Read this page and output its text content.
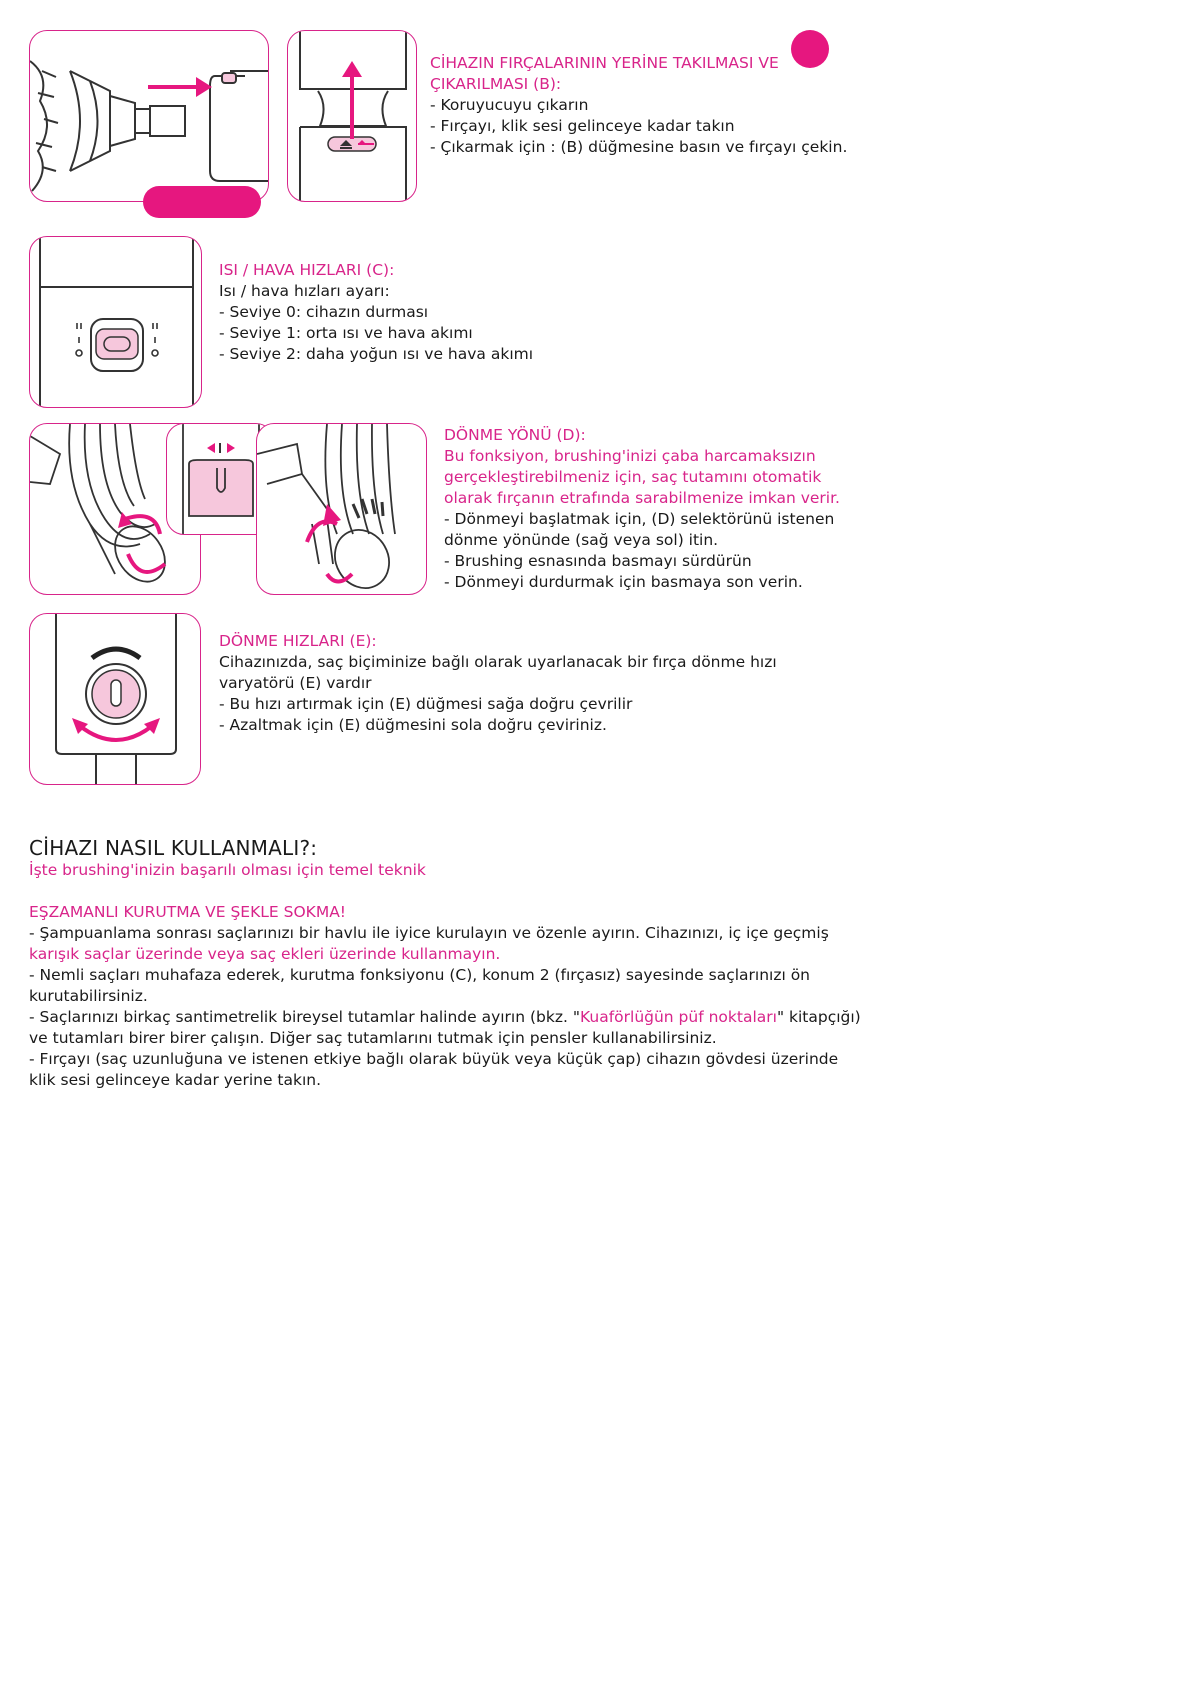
CİHAZIN FIRÇALARININ YERİNE TAKILMASI VE
ÇIKARILMASI (B):
- Koruyucuyu çıkarın
- Fırçayı, klik sesi gelinceye kadar takın
- Çıkarmak için : (B) düğmesine basın ve fırçayı çekin.
ISI / HAVA HIZLARI (C):
Isı / hava hızları ayarı:
- Seviye 0: cihazın durması
- Seviye 1: orta ısı ve hava akımı
- Seviye 2: daha yoğun ısı ve hava akımı
DÖNME YÖNÜ (D):
Bu fonksiyon, brushing'inizi çaba harcamaksızın
gerçekleştirebilmeniz için, saç tutamını otomatik
olarak fırçanın etrafında sarabilmenize imkan verir.
- Dönmeyi başlatmak için, (D) selektörünü istenen
dönme yönünde (sağ veya sol) itin.
- Brushing esnasında basmayı sürdürün
- Dönmeyi durdurmak için basmaya son verin.
DÖNME HIZLARI (E):
Cihazınızda, saç biçiminize bağlı olarak uyarlanacak bir fırça dönme hızı
varyatörü (E) vardır
- Bu hızı artırmak için (E) düğmesi sağa doğru çevrilir
- Azaltmak için (E) düğmesini sola doğru çeviriniz.
CİHAZI NASIL KULLANMALI?:
İşte brushing'inizin başarılı olması için temel teknik
EŞZAMANLI KURUTMA VE ŞEKLE SOKMA!
- Şampuanlama sonrası saçlarınızı bir havlu ile iyice kurulayın ve özenle ayırın. Cihazınızı, iç içe geçmiş
karışık saçlar üzerinde veya saç ekleri üzerinde kullanmayın.
- Nemli saçları muhafaza ederek, kurutma fonksiyonu (C), konum 2 (fırçasız) sayesinde saçlarınızı ön
kurutabilirsiniz.
- Saçlarınızı birkaç santimetrelik bireysel tutamlar halinde ayırın (bkz. "Kuaförlüğün püf noktaları" kitapçığı)
ve tutamları birer birer çalışın. Diğer saç tutamlarını tutmak için pensler kullanabilirsiniz.
- Fırçayı (saç uzunluğuna ve istenen etkiye bağlı olarak büyük veya küçük çap) cihazın gövdesi üzerinde
klik sesi gelinceye kadar yerine takın.
